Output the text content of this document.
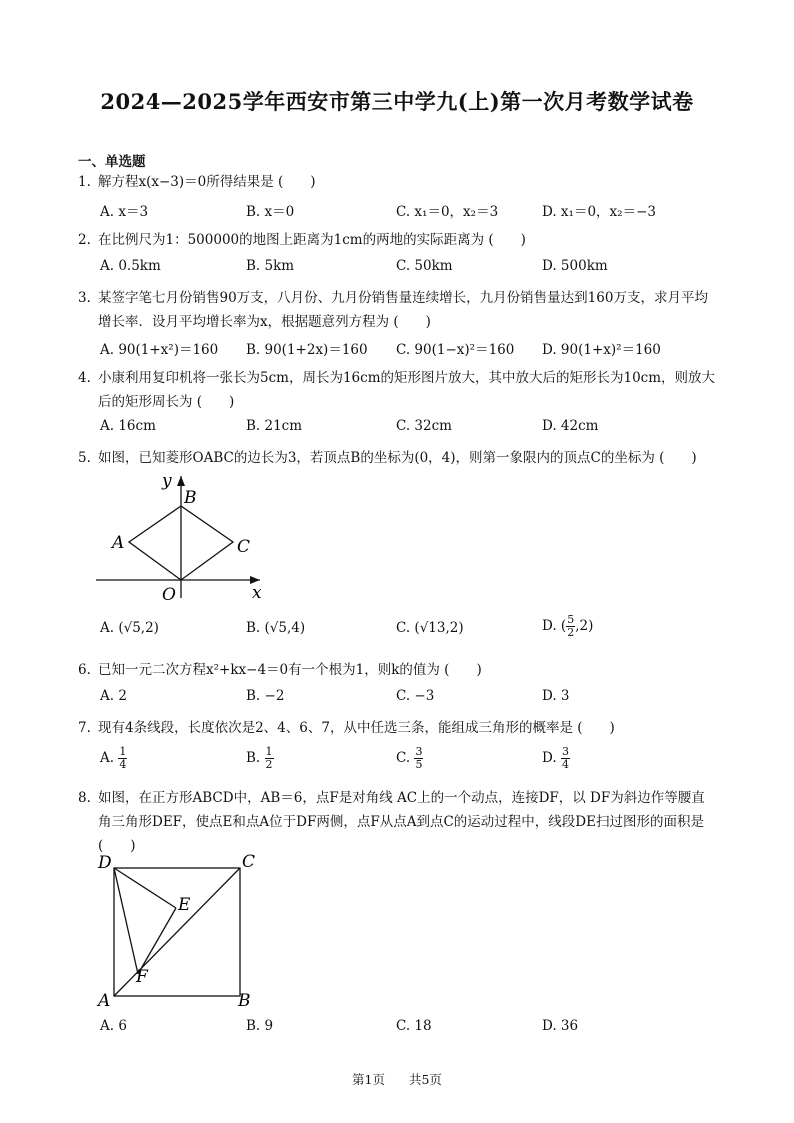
2024—2025学年西安市第三中学九(上)第一次月考数学试卷
一、单选题
1. 解方程x(x−3)＝0所得结果是 (　　)
A. x＝3	B. x＝0	C. x₁＝0，x₂＝3	D. x₁＝0，x₂＝−3
2. 在比例尺为1：500000的地图上距离为1cm的两地的实际距离为 (　　)
A. 0.5km	B. 5km	C. 50km	D. 500km
3. 某签字笔七月份销售90万支，八月份、九月份销售量连续增长，九月份销售量达到160万支，求月平均增长率．设月平均增长率为x，根据题意列方程为 (　　)
A. 90(1+x²)＝160 B. 90(1+2x)＝160 C. 90(1−x)²＝160 D. 90(1+x)²＝160
4. 小康利用复印机将一张长为5cm，周长为16cm的矩形图片放大，其中放大后的矩形长为10cm，则放大后的矩形周长为 (　　)
A. 16cm	B. 21cm	C. 32cm	D. 42cm
5. 如图，已知菱形OABC的边长为3，若顶点B的坐标为(0，4)，则第一象限内的顶点C的坐标为 (　　)
y
B
A	C
O	x
A. (√5,2)	B. (√5,4)	C. (√13,2)	D. ( $\frac{5}{2} ,2$)
6. 已知一元二次方程x²+kx−4＝0有一个根为1，则k的值为 (　　)
A. 2	B. −2	C. −3	D. 3
7. 现有4条线段，长度依次是2、4、6、7，从中任选三条，能组成三角形的概率是 (　　)
A. $\frac{1}{4}$	B. $\frac{1}{2}$	C. $\frac{3}{5}$	D. $\frac{3}{4}$
8. 如图，在正方形ABCD中，AB＝6，点F是对角线 AC上的一个动点，连接DF，以 DF为斜边作等腰直角三角形DEF，使点E和点A位于DF两侧，点F从点A到点C的运动过程中，线段DE扫过图形的面积是 (　　)
D	C
E
F
A	B
A. 6	B. 9	C. 18	D. 36
第1页 共5页
